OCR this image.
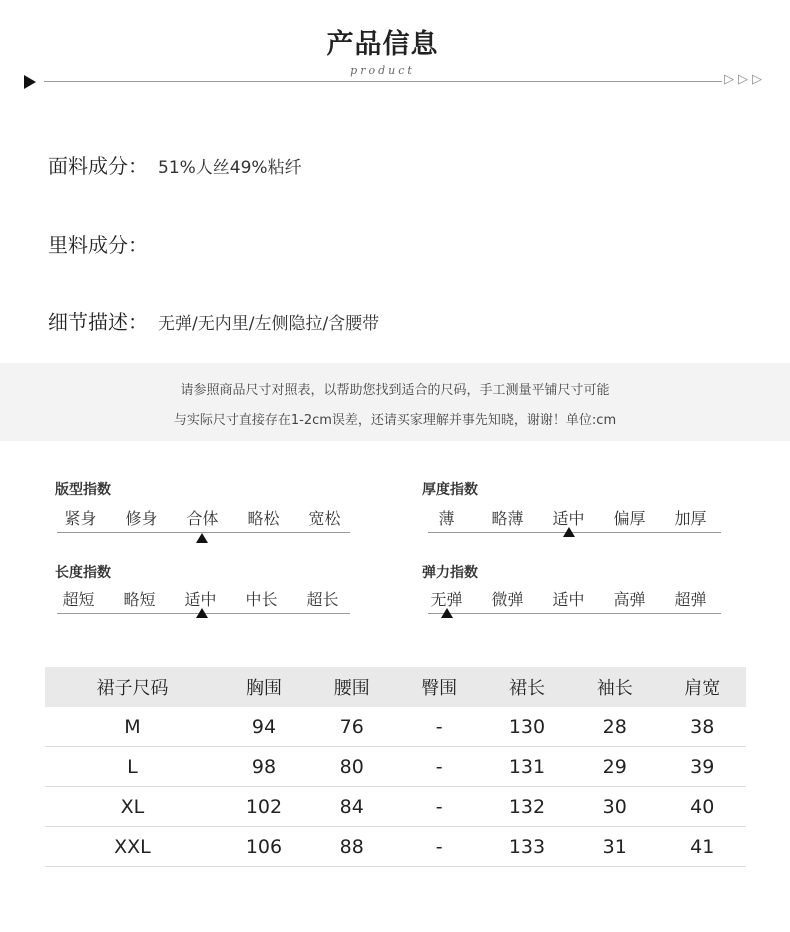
产品信息
product
▷▷▷
面料成分： 51%人丝49%粘纤
里料成分：
细节描述： 无弹/无内里/左侧隐拉/含腰带
请参照商品尺寸对照表，以帮助您找到适合的尺码，手工测量平铺尺寸可能
与实际尺寸直接存在1-2cm误差，还请买家理解并事先知晓，谢谢！单位:cm
版型指数
紧身	修身	合体	略松	宽松
厚度指数
薄	略薄	适中	偏厚	加厚
长度指数
超短	略短	适中	中长	超长
弹力指数
无弹	微弹	适中	高弹	超弹
裙子尺码	胸围	腰围	臀围	裙长	袖长	肩宽
M	94	76	-	130	28	38
L	98	80	-	131	29	39
XL	102	84	-	132	30	40
XXL	106	88	-	133	31	41
